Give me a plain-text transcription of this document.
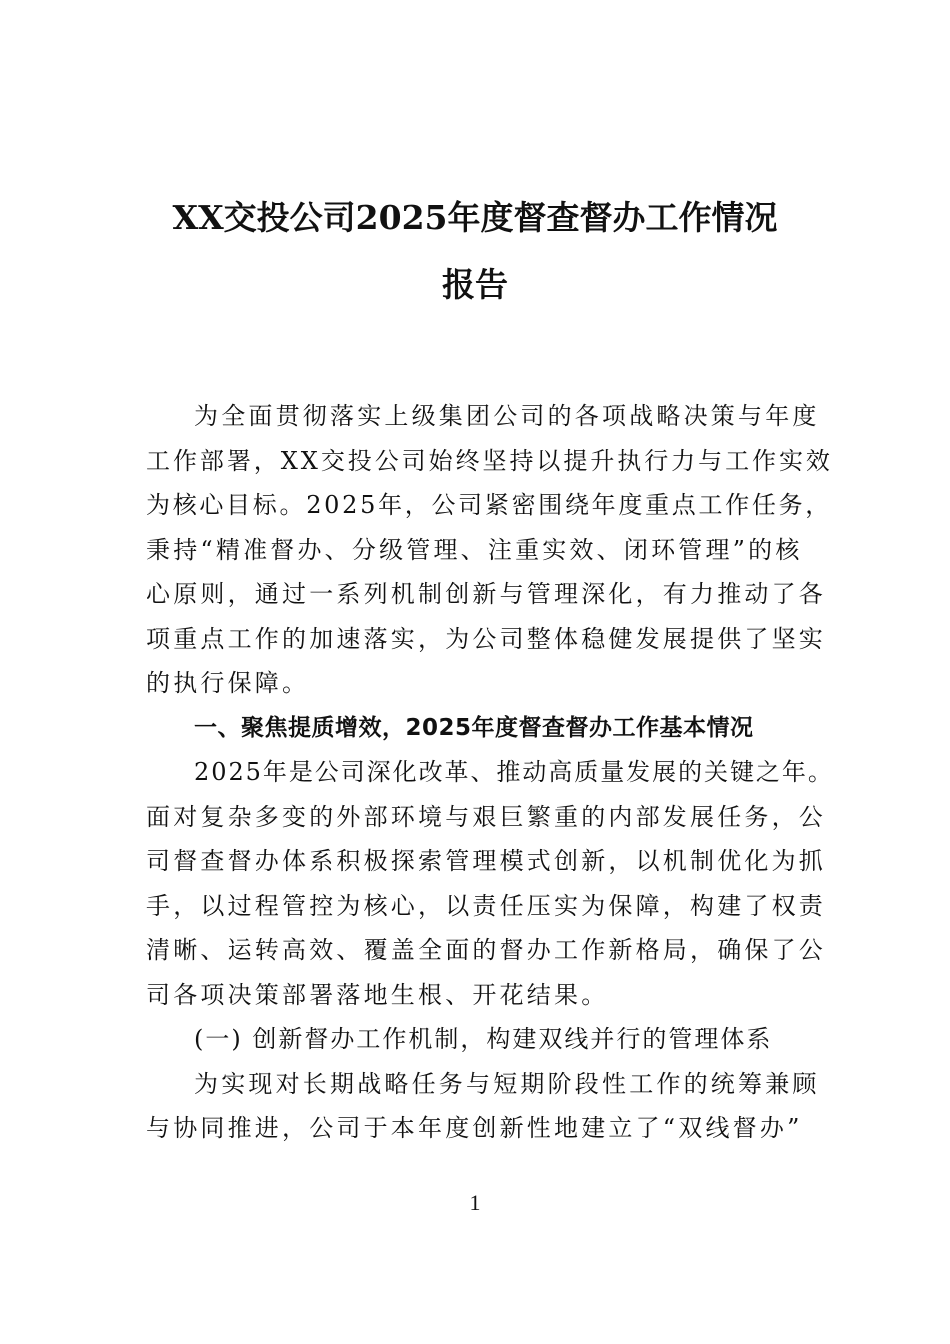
XX交投公司2025年度督查督办工作情况
报告
为全面贯彻落实上级集团公司的各项战略决策与年度
工作部署，XX交投公司始终坚持以提升执行力与工作实效
为核心目标。2025年，公司紧密围绕年度重点工作任务，
秉持“精准督办、分级管理、注重实效、闭环管理”的核
心原则，通过一系列机制创新与管理深化，有力推动了各
项重点工作的加速落实，为公司整体稳健发展提供了坚实
的执行保障。
一、聚焦提质增效，2025年度督查督办工作基本情况
2025年是公司深化改革、推动高质量发展的关键之年。
面对复杂多变的外部环境与艰巨繁重的内部发展任务，公
司督查督办体系积极探索管理模式创新，以机制优化为抓
手，以过程管控为核心，以责任压实为保障，构建了权责
清晰、运转高效、覆盖全面的督办工作新格局，确保了公
司各项决策部署落地生根、开花结果。
(一) 创新督办工作机制，构建双线并行的管理体系
为实现对长期战略任务与短期阶段性工作的统筹兼顾
与协同推进，公司于本年度创新性地建立了“双线督办”
1
